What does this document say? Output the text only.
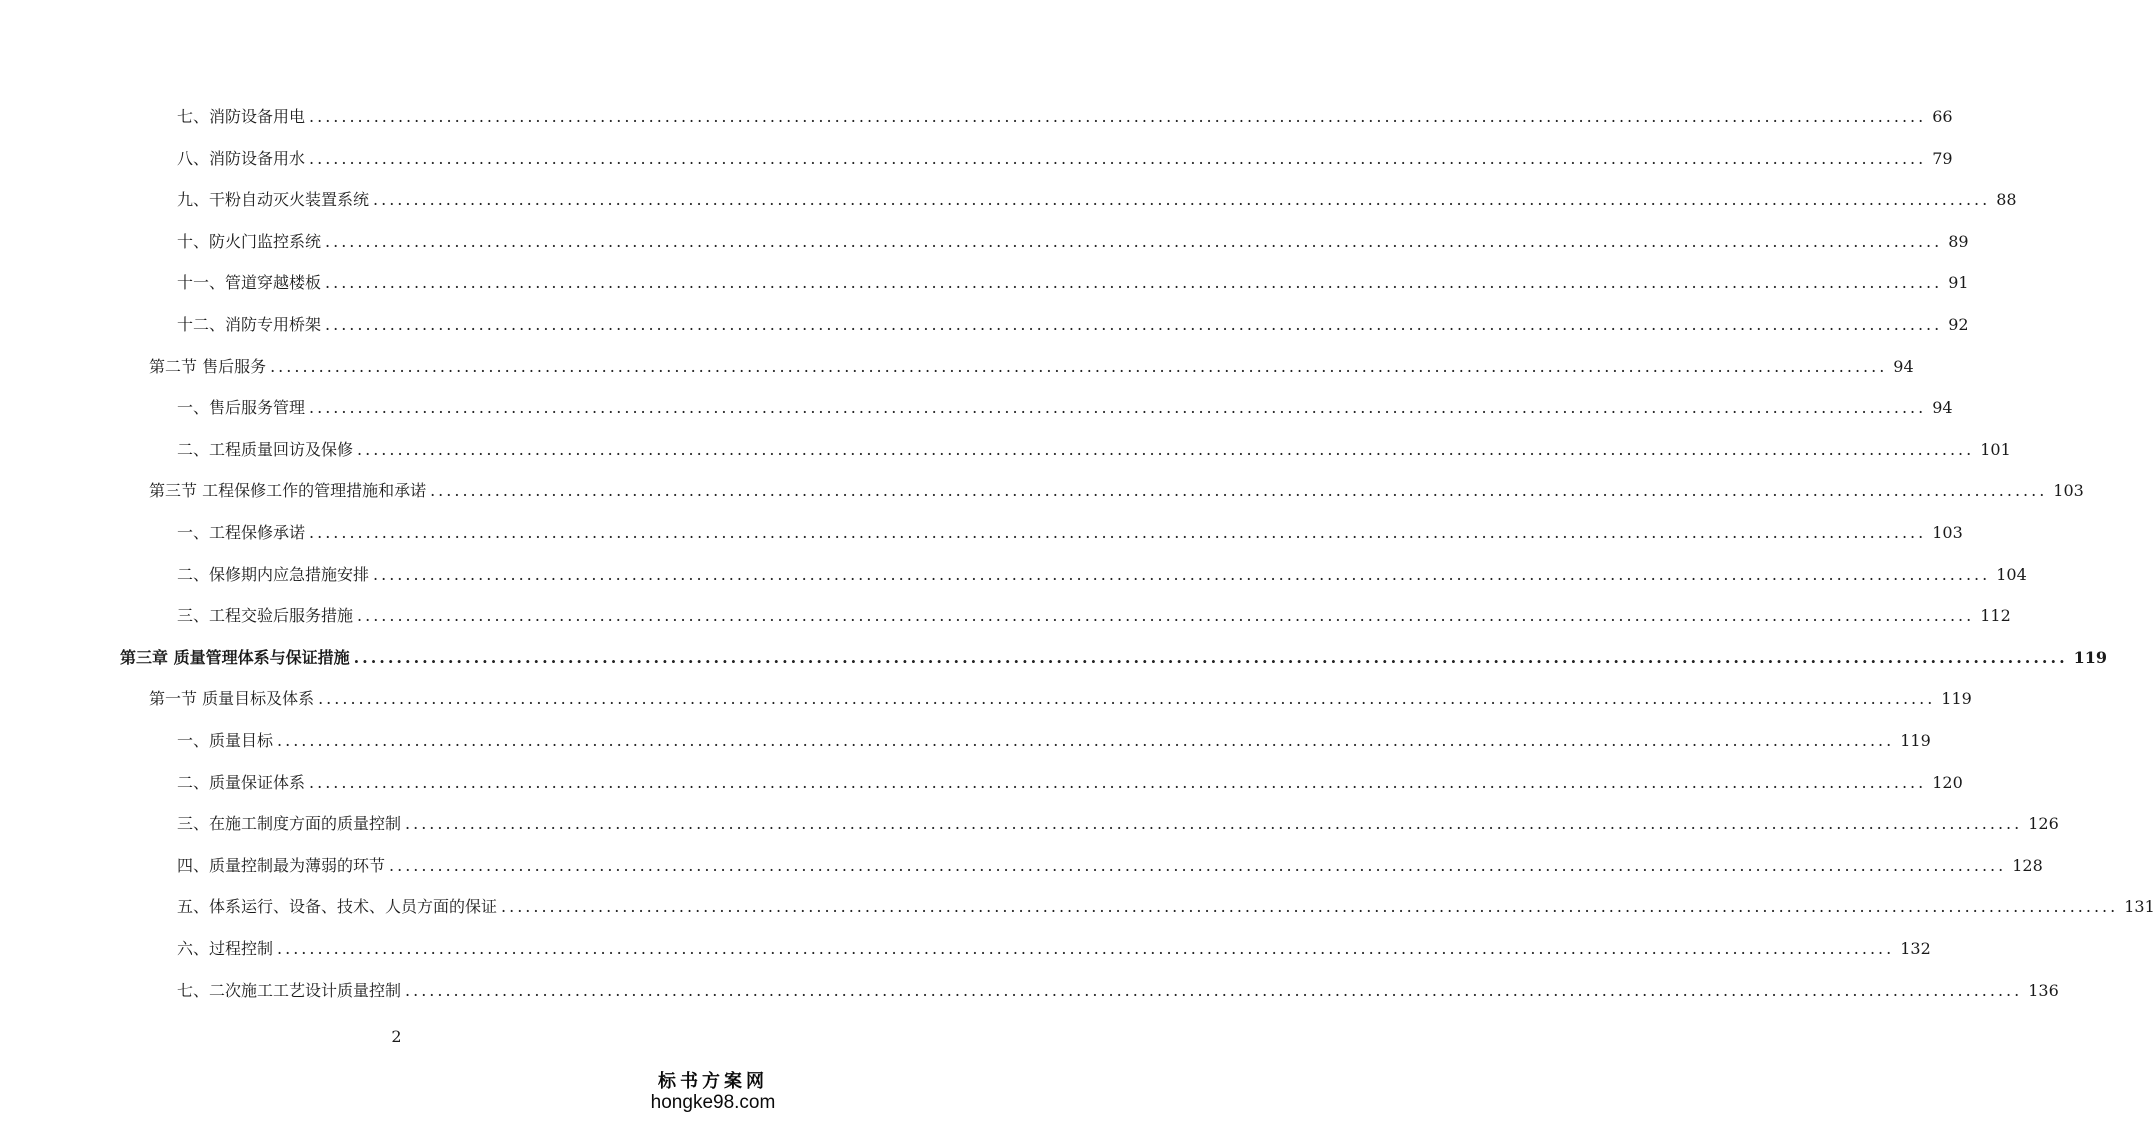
七、消防设备用电 ........................................................................................................................................................................................................ 66
八、消防设备用水 ........................................................................................................................................................................................................ 79
九、干粉自动灭火装置系统 ........................................................................................................................................................................................................ 88
十、防火门监控系统 ........................................................................................................................................................................................................ 89
十一、管道穿越楼板 ........................................................................................................................................................................................................ 91
十二、消防专用桥架 ........................................................................................................................................................................................................ 92
第二节 售后服务 ........................................................................................................................................................................................................ 94
一、售后服务管理 ........................................................................................................................................................................................................ 94
二、工程质量回访及保修 ........................................................................................................................................................................................................ 101
第三节 工程保修工作的管理措施和承诺 ........................................................................................................................................................................................................ 103
一、工程保修承诺 ........................................................................................................................................................................................................ 103
二、保修期内应急措施安排 ........................................................................................................................................................................................................ 104
三、工程交验后服务措施 ........................................................................................................................................................................................................ 112
第三章 质量管理体系与保证措施 ........................................................................................................................................................................................................ 119
第一节 质量目标及体系 ........................................................................................................................................................................................................ 119
一、质量目标 ........................................................................................................................................................................................................ 119
二、质量保证体系 ........................................................................................................................................................................................................ 120
三、在施工制度方面的质量控制 ........................................................................................................................................................................................................ 126
四、质量控制最为薄弱的环节 ........................................................................................................................................................................................................ 128
五、体系运行、设备、技术、人员方面的保证 ........................................................................................................................................................................................................ 131
六、过程控制 ........................................................................................................................................................................................................ 132
七、二次施工工艺设计质量控制 ........................................................................................................................................................................................................ 136
2
标书方案网
hongke98.com
